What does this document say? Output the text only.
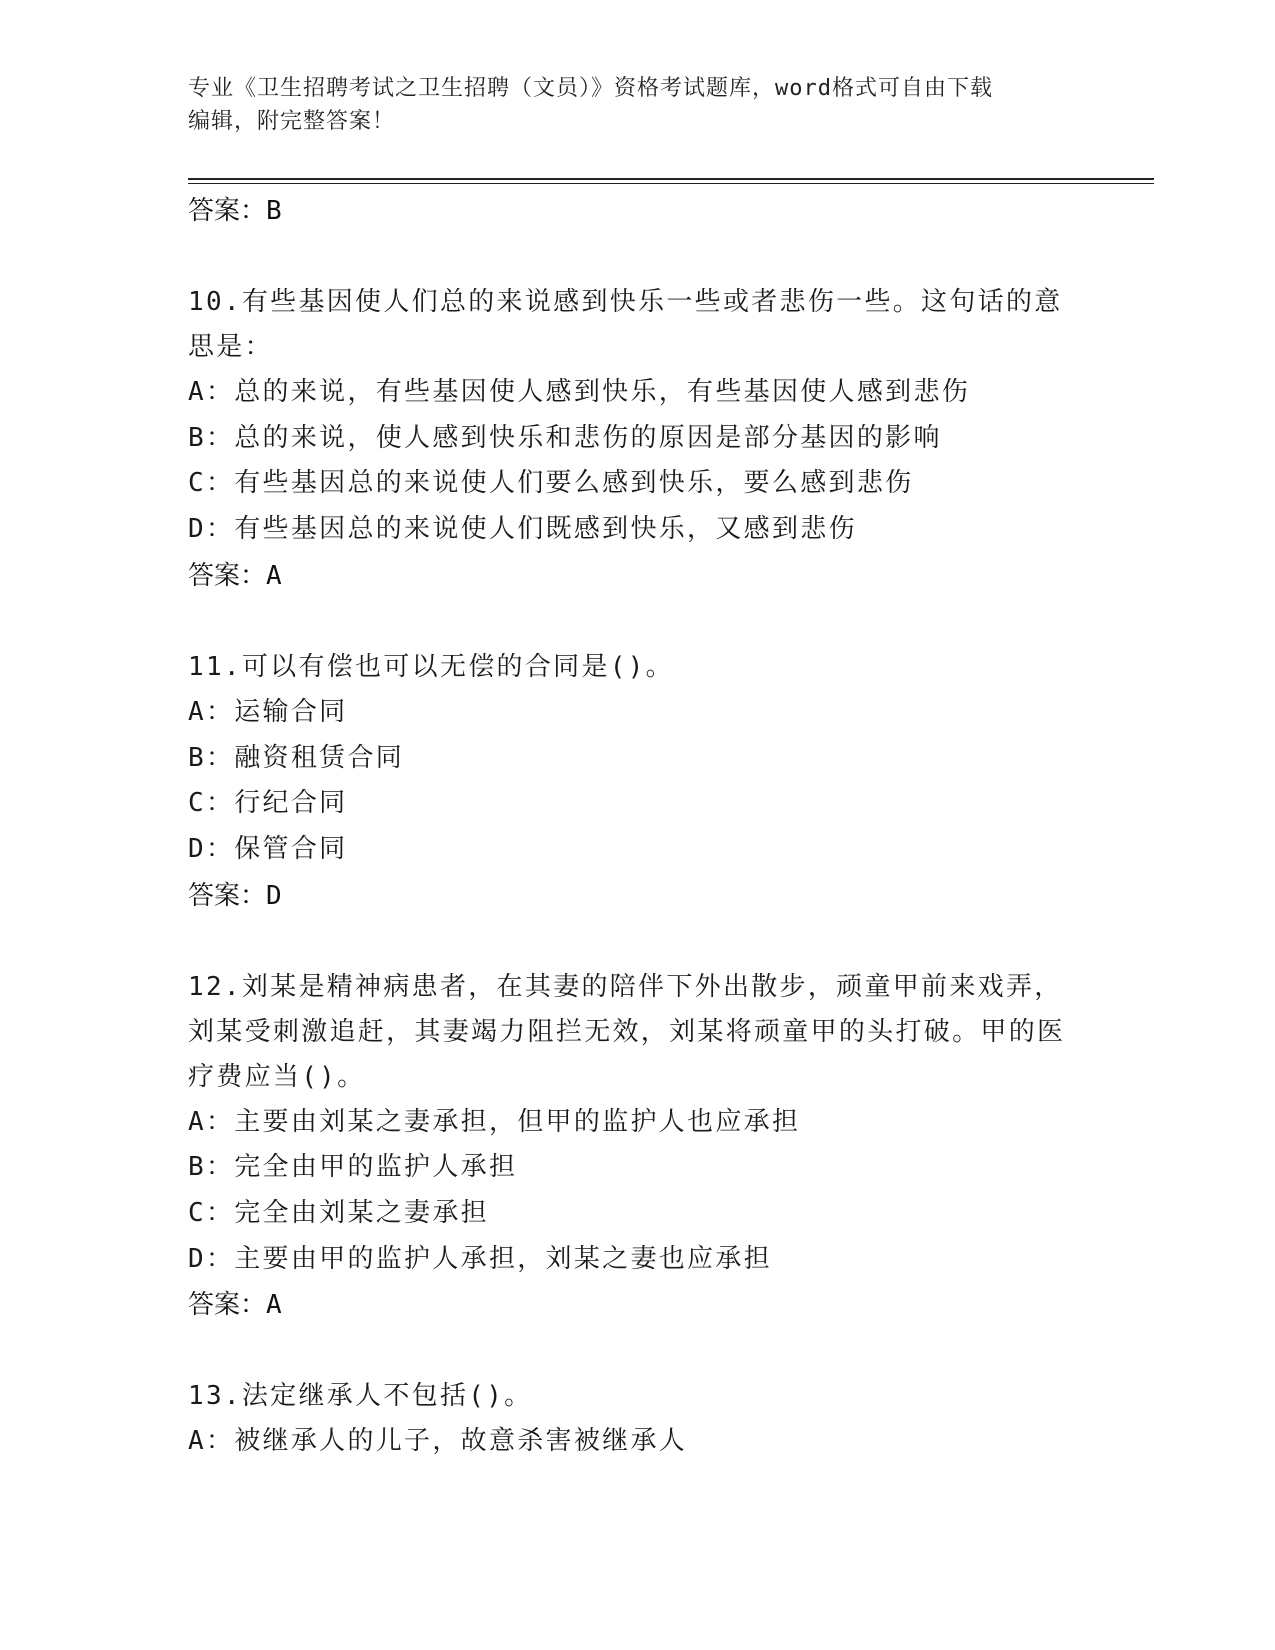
专业《卫生招聘考试之卫生招聘（文员）》资格考试题库，word格式可自由下载
编辑，附完整答案！
答案：B
10.有些基因使人们总的来说感到快乐一些或者悲伤一些。这句话的意思是：
A：总的来说，有些基因使人感到快乐，有些基因使人感到悲伤
B：总的来说，使人感到快乐和悲伤的原因是部分基因的影响
C：有些基因总的来说使人们要么感到快乐，要么感到悲伤
D：有些基因总的来说使人们既感到快乐，又感到悲伤
答案：A
11.可以有偿也可以无偿的合同是()。
A：运输合同
B：融资租赁合同
C：行纪合同
D：保管合同
答案：D
12.刘某是精神病患者，在其妻的陪伴下外出散步，顽童甲前来戏弄，刘某受刺激追赶，其妻竭力阻拦无效，刘某将顽童甲的头打破。甲的医疗费应当()。
A：主要由刘某之妻承担，但甲的监护人也应承担
B：完全由甲的监护人承担
C：完全由刘某之妻承担
D：主要由甲的监护人承担，刘某之妻也应承担
答案：A
13.法定继承人不包括()。
A：被继承人的儿子，故意杀害被继承人
